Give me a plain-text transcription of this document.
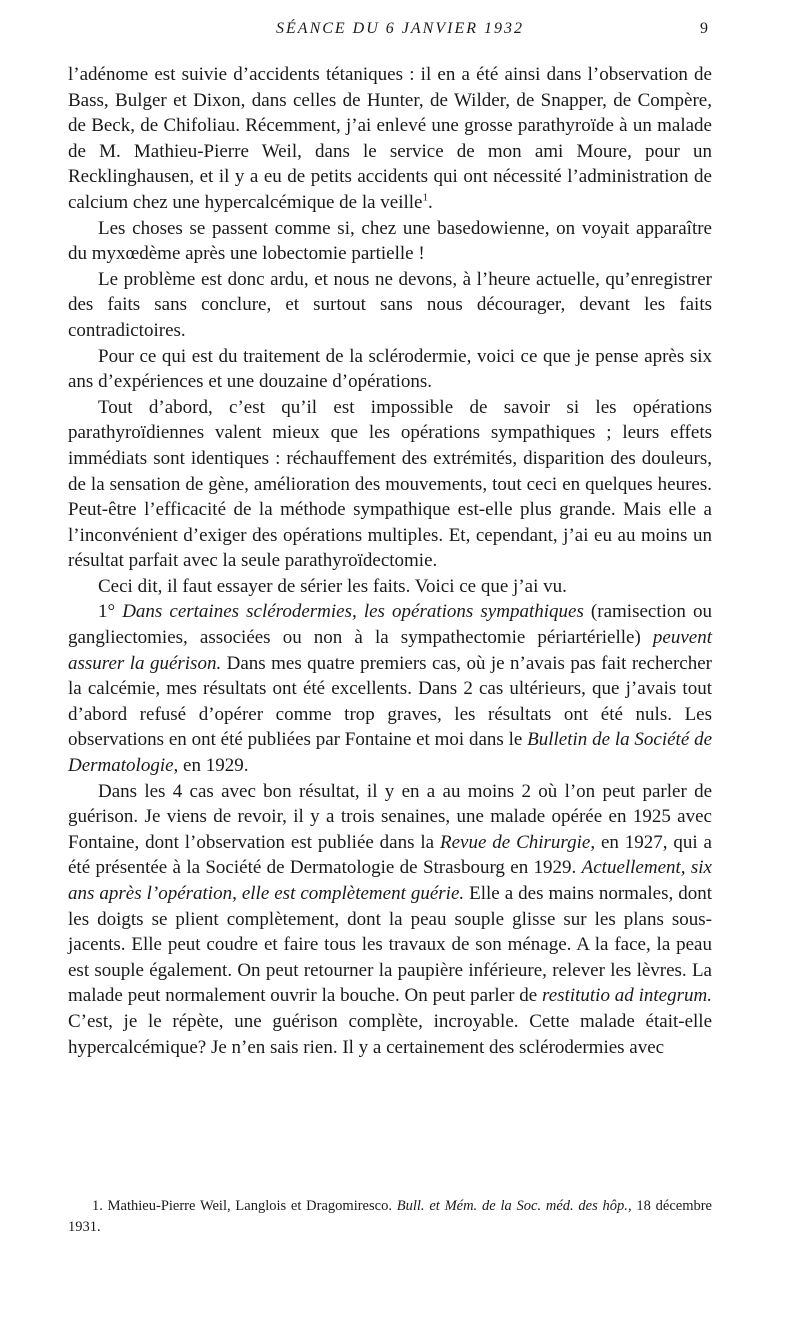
SÉANCE DU 6 JANVIER 1932	9

l’adénome est suivie d’accidents tétaniques : il en a été ainsi dans l’observation de Bass, Bulger et Dixon, dans celles de Hunter, de Wilder, de Snapper, de Compère, de Beck, de Chifoliau. Récemment, j’ai enlevé une grosse parathyroïde à un malade de M. Mathieu-Pierre Weil, dans le service de mon ami Moure, pour un Recklinghausen, et il y a eu de petits accidents qui ont nécessité l’administration de calcium chez une hypercalcémique de la veille$^1$.

Les choses se passent comme si, chez une basedowienne, on voyait apparaître du myxœdème après une lobectomie partielle !

Le problème est donc ardu, et nous ne devons, à l’heure actuelle, qu’enregistrer des faits sans conclure, et surtout sans nous décourager, devant les faits contradictoires.

Pour ce qui est du traitement de la sclérodermie, voici ce que je pense après six ans d’expériences et une douzaine d’opérations.

Tout d’abord, c’est qu’il est impossible de savoir si les opérations parathyroïdiennes valent mieux que les opérations sympathiques ; leurs effets immédiats sont identiques : réchauffement des extrémités, disparition des douleurs, de la sensation de gène, amélioration des mouvements, tout ceci en quelques heures. Peut-être l’efficacité de la méthode sympathique est-elle plus grande. Mais elle a l’inconvénient d’exiger des opérations multiples. Et, cependant, j’ai eu au moins un résultat parfait avec la seule parathyroïdectomie.

Ceci dit, il faut essayer de sérier les faits. Voici ce que j’ai vu.

1° Dans certaines sclérodermies, les opérations sympathiques (ramisection ou gangliectomies, associées ou non à la sympathectomie périartérielle) peuvent assurer la guérison. Dans mes quatre premiers cas, où je n’avais pas fait rechercher la calcémie, mes résultats ont été excellents. Dans 2 cas ultérieurs, que j’avais tout d’abord refusé d’opérer comme trop graves, les résultats ont été nuls. Les observations en ont été publiées par Fontaine et moi dans le Bulletin de la Société de Dermatologie, en 1929.

Dans les 4 cas avec bon résultat, il y en a au moins 2 où l’on peut parler de guérison. Je viens de revoir, il y a trois senaines, une malade opérée en 1925 avec Fontaine, dont l’observation est publiée dans la Revue de Chirurgie, en 1927, qui a été présentée à la Société de Dermatologie de Strasbourg en 1929. Actuellement, six ans après l’opération, elle est complètement guérie. Elle a des mains normales, dont les doigts se plient complètement, dont la peau souple glisse sur les plans sous-jacents. Elle peut coudre et faire tous les travaux de son ménage. A la face, la peau est souple également. On peut retourner la paupière inférieure, relever les lèvres. La malade peut normalement ouvrir la bouche. On peut parler de restitutio ad integrum. C’est, je le répète, une guérison complète, incroyable. Cette malade était-elle hypercalcémique? Je n’en sais rien. Il y a certainement des sclérodermies avec

1. Mathieu-Pierre Weil, Langlois et Dragomiresco. Bull. et Mém. de la Soc. méd. des hôp., 18 décembre 1931.
